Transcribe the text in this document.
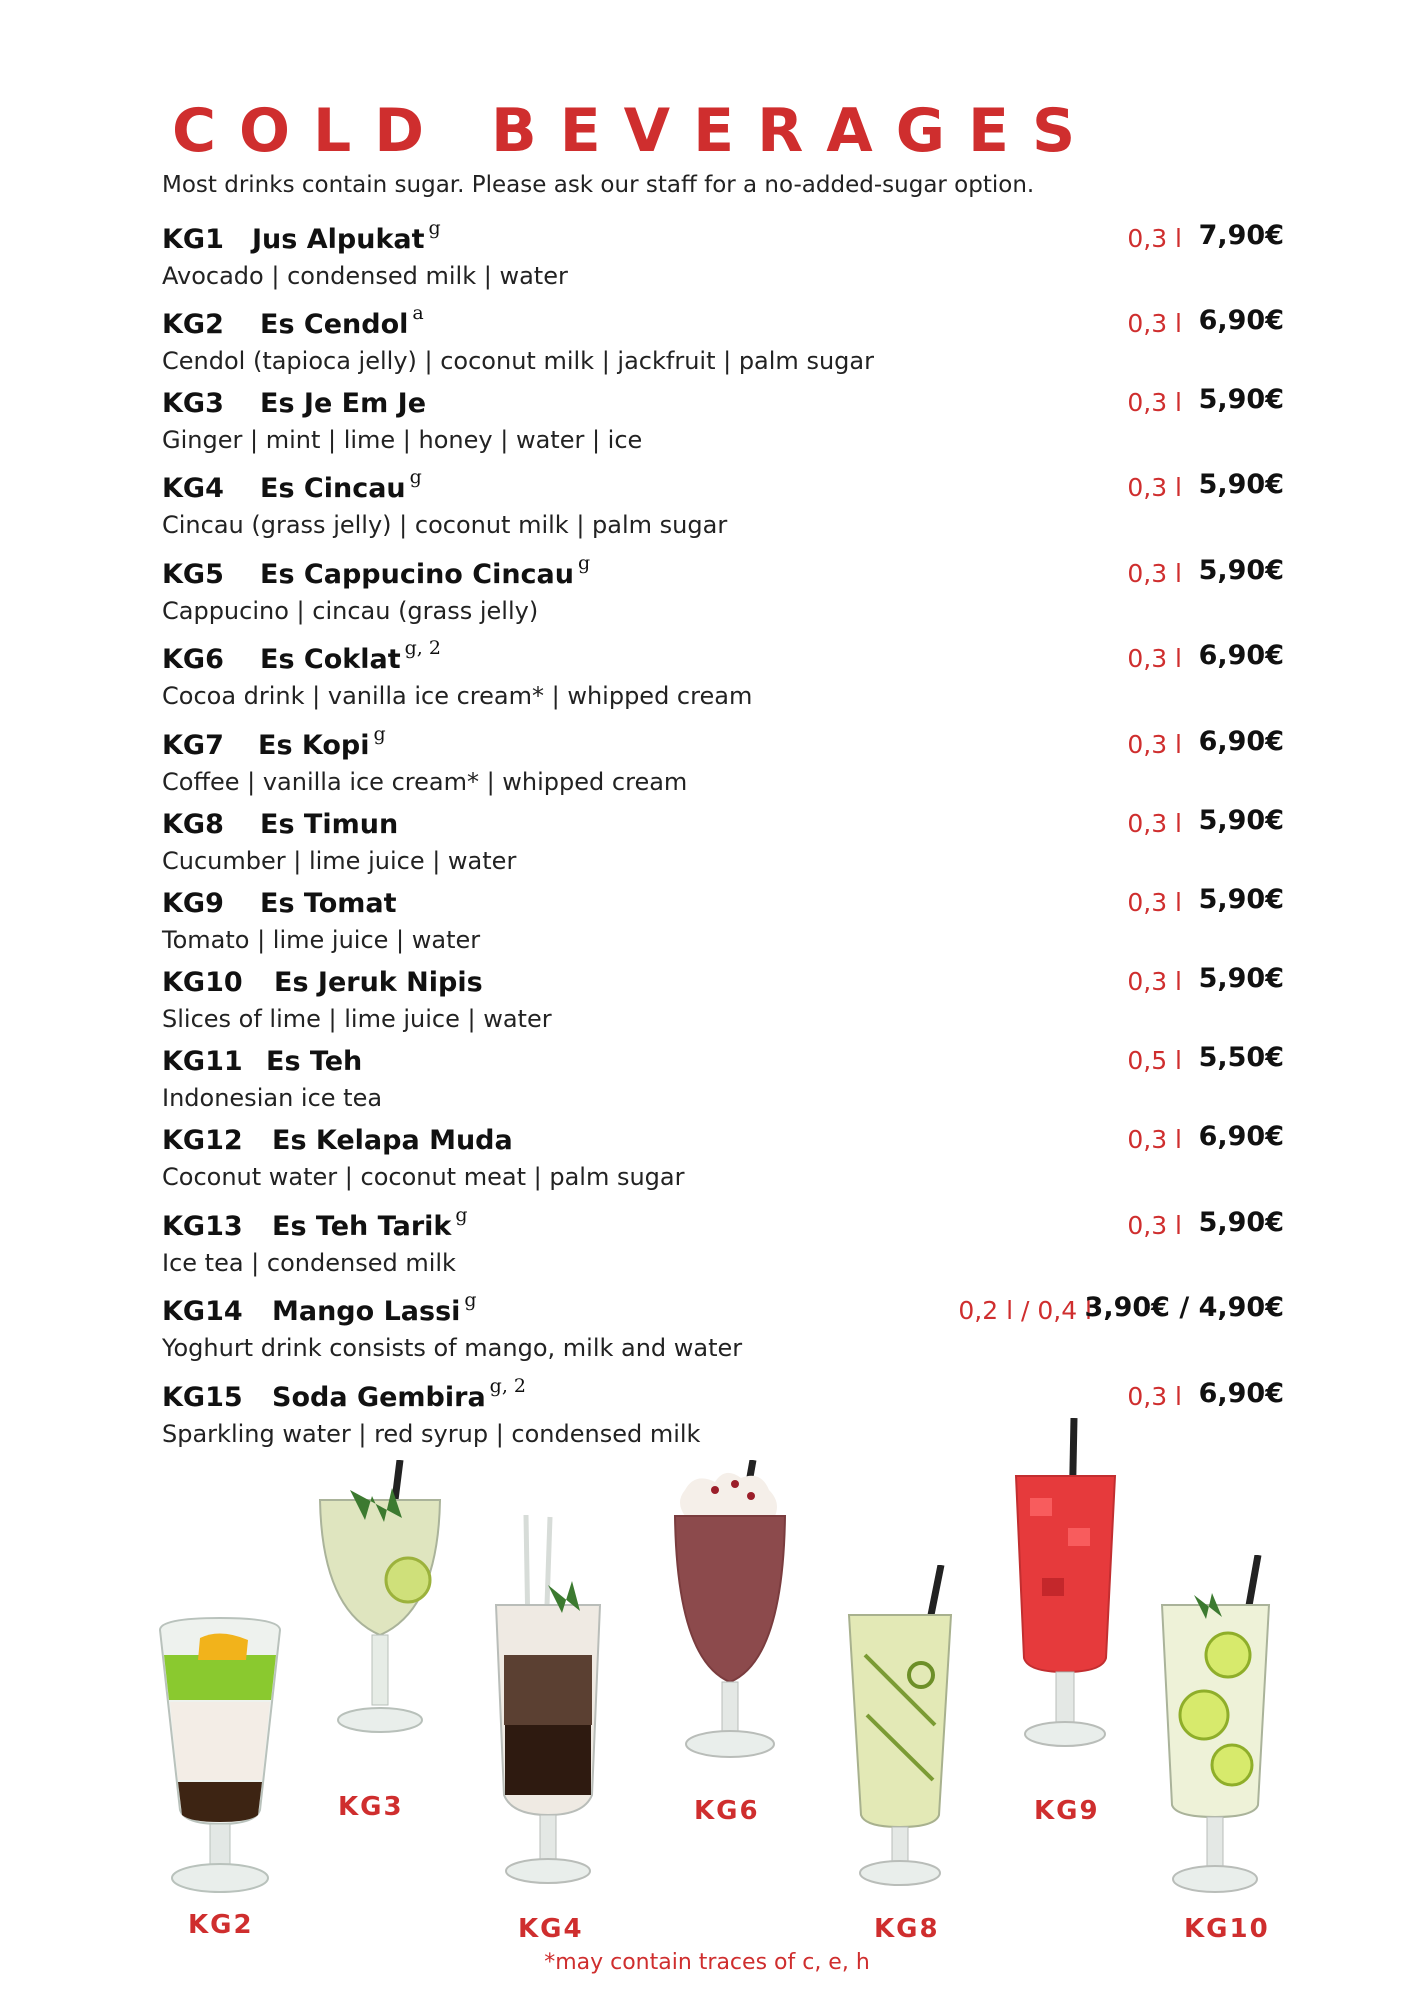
COLD BEVERAGES
Most drinks contain sugar. Please ask our staff for a no-added-sugar option.
KG1 Jus Alpukat $^g$
Avocado | condensed milk | water
0,3 l 7,90€
KG2 Es Cendol $^a$
Cendol (tapioca jelly) | coconut milk | jackfruit | palm sugar
0,3 l 6,90€
KG3 Es Je Em Je
Ginger | mint | lime | honey | water | ice
0,3 l 5,90€
KG4 Es Cincau $^g$
Cincau (grass jelly) | coconut milk | palm sugar
0,3 l 5,90€
KG5 Es Cappucino Cincau $^g$
Cappucino | cincau (grass jelly)
0,3 l 5,90€
KG6 Es Coklat $^{g, 2}$
Cocoa drink | vanilla ice cream* | whipped cream
0,3 l 6,90€
KG7 Es Kopi $^g$
Coffee | vanilla ice cream* | whipped cream
0,3 l 6,90€
KG8 Es Timun
Cucumber | lime juice | water
0,3 l 5,90€
KG9 Es Tomat
Tomato | lime juice | water
0,3 l 5,90€
KG10 Es Jeruk Nipis
Slices of lime | lime juice | water
0,3 l 5,90€
KG11 Es Teh
Indonesian ice tea
0,5 l 5,50€
KG12 Es Kelapa Muda
Coconut water | coconut meat | palm sugar
0,3 l 6,90€
KG13 Es Teh Tarik $^g$
Ice tea | condensed milk
0,3 l 5,90€
KG14 Mango Lassi $^g$
Yoghurt drink consists of mango, milk and water
0,2 l / 0,4 l
3,90€ / 4,90€
KG15 Soda Gembira $^{g, 2}$
Sparkling water | red syrup | condensed milk
0,3 l 6,90€
KG2
KG3
KG4
KG6
KG8
KG9
KG10
*may contain traces of c, e, h
